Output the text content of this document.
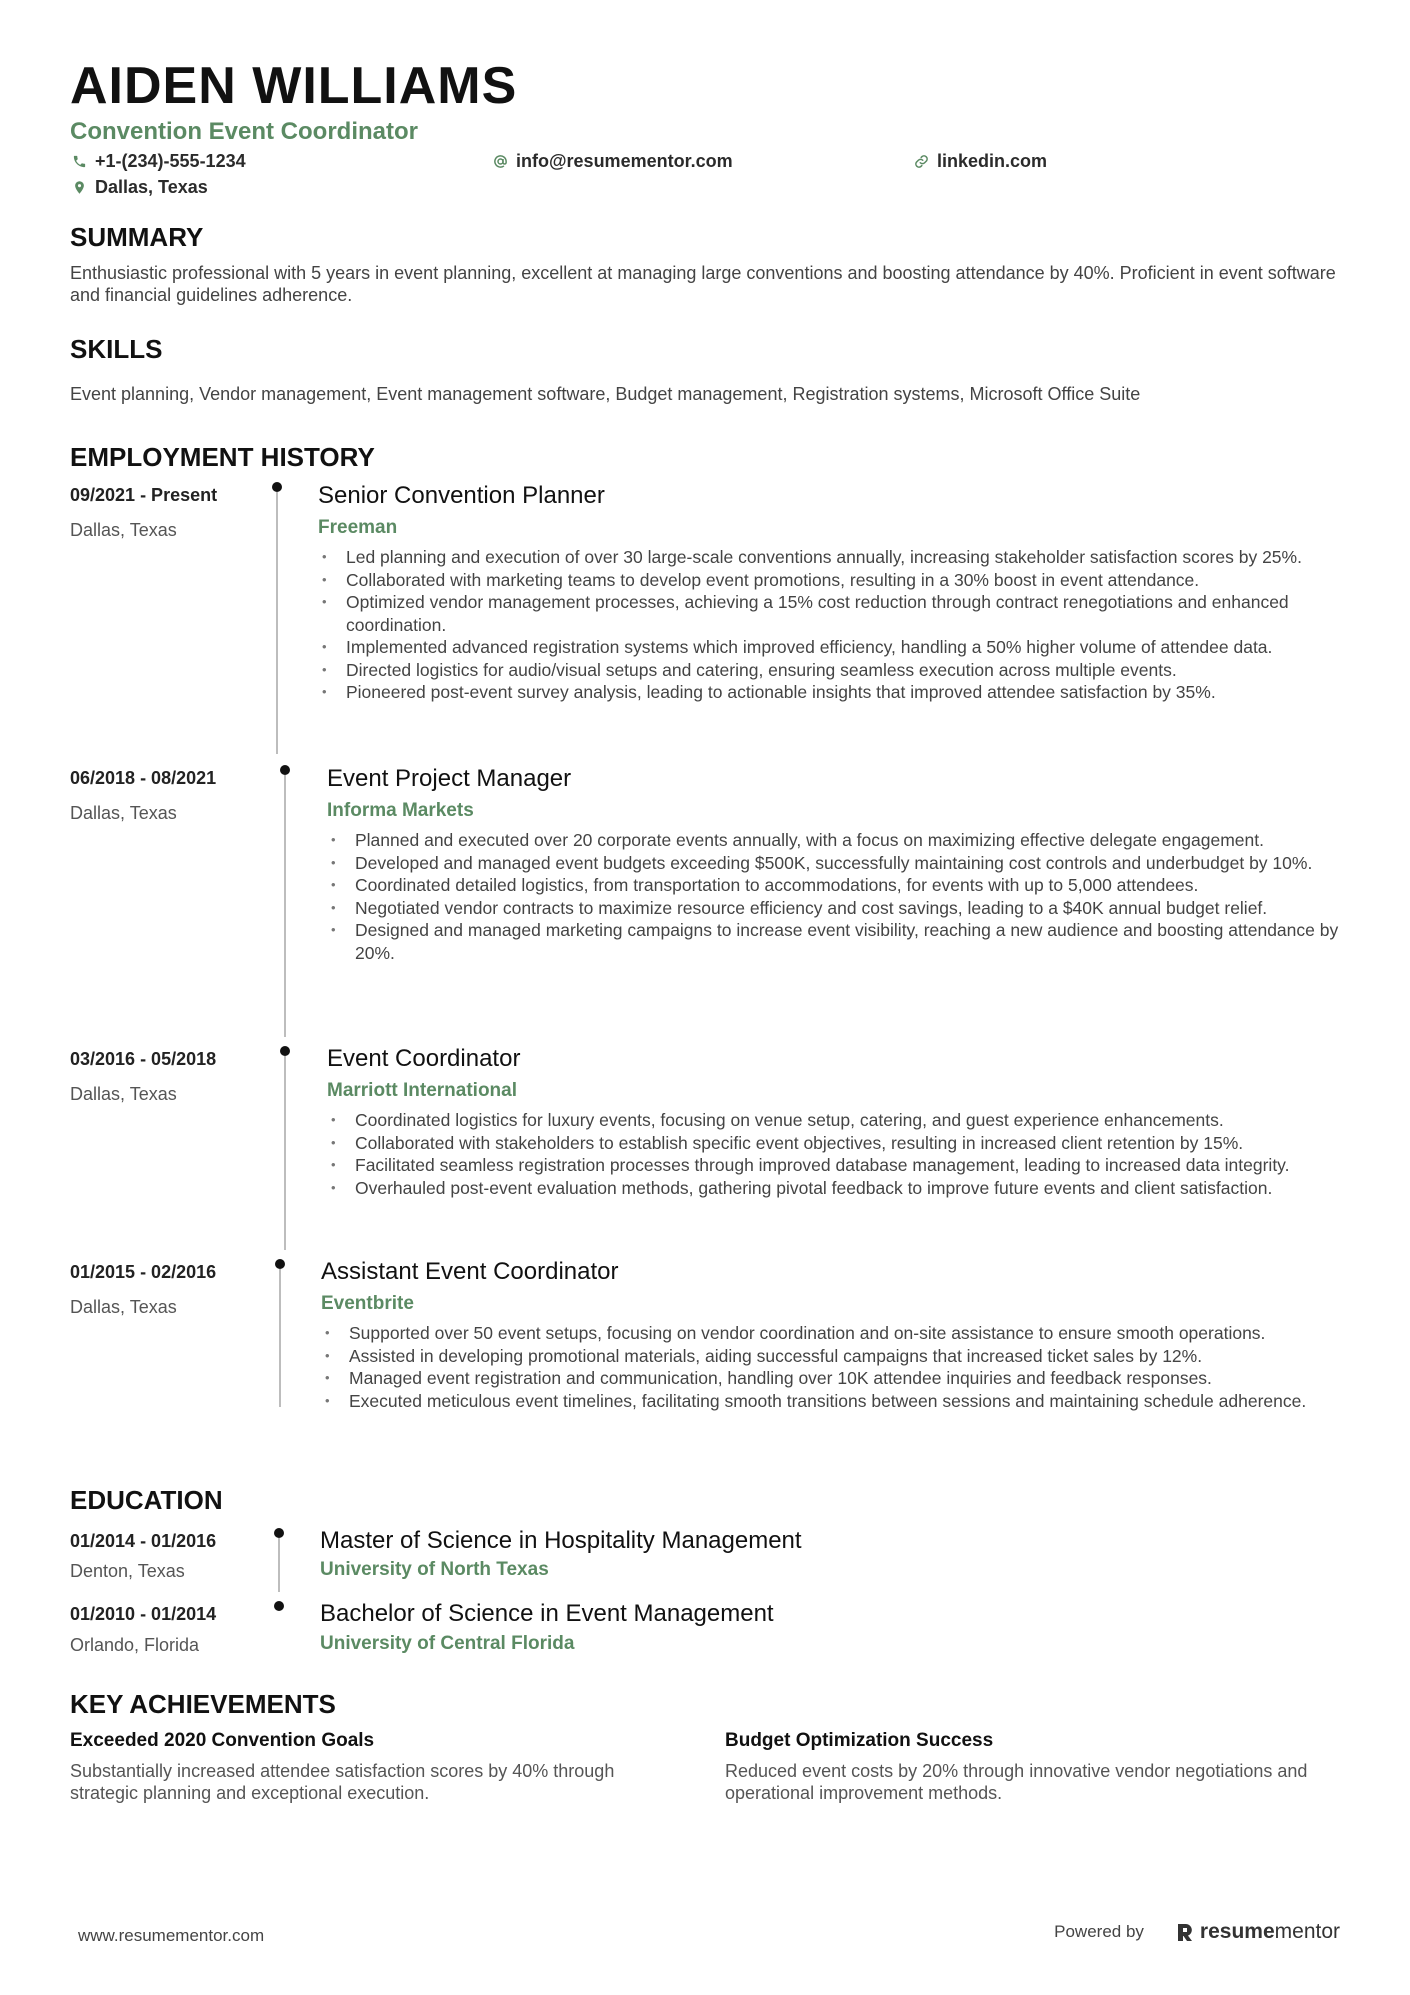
AIDEN WILLIAMS
Convention Event Coordinator
+1-(234)-555-1234	info@resumementor.com	linkedin.com
Dallas, Texas
SUMMARY
Enthusiastic professional with 5 years in event planning, excellent at managing large conventions and boosting attendance by 40%. Proficient in event software and financial guidelines adherence.
SKILLS
Event planning, Vendor management, Event management software, Budget management, Registration systems, Microsoft Office Suite
EMPLOYMENT HISTORY
09/2021 - Present
Dallas, Texas
Senior Convention Planner
Freeman
• Led planning and execution of over 30 large-scale conventions annually, increasing stakeholder satisfaction scores by 25%.
• Collaborated with marketing teams to develop event promotions, resulting in a 30% boost in event attendance.
• Optimized vendor management processes, achieving a 15% cost reduction through contract renegotiations and enhanced coordination.
• Implemented advanced registration systems which improved efficiency, handling a 50% higher volume of attendee data.
• Directed logistics for audio/visual setups and catering, ensuring seamless execution across multiple events.
• Pioneered post-event survey analysis, leading to actionable insights that improved attendee satisfaction by 35%.
06/2018 - 08/2021
Dallas, Texas
Event Project Manager
Informa Markets
• Planned and executed over 20 corporate events annually, with a focus on maximizing effective delegate engagement.
• Developed and managed event budgets exceeding $500K, successfully maintaining cost controls and underbudget by 10%.
• Coordinated detailed logistics, from transportation to accommodations, for events with up to 5,000 attendees.
• Negotiated vendor contracts to maximize resource efficiency and cost savings, leading to a $40K annual budget relief.
• Designed and managed marketing campaigns to increase event visibility, reaching a new audience and boosting attendance by 20%.
03/2016 - 05/2018
Dallas, Texas
Event Coordinator
Marriott International
• Coordinated logistics for luxury events, focusing on venue setup, catering, and guest experience enhancements.
• Collaborated with stakeholders to establish specific event objectives, resulting in increased client retention by 15%.
• Facilitated seamless registration processes through improved database management, leading to increased data integrity.
• Overhauled post-event evaluation methods, gathering pivotal feedback to improve future events and client satisfaction.
01/2015 - 02/2016
Dallas, Texas
Assistant Event Coordinator
Eventbrite
• Supported over 50 event setups, focusing on vendor coordination and on-site assistance to ensure smooth operations.
• Assisted in developing promotional materials, aiding successful campaigns that increased ticket sales by 12%.
• Managed event registration and communication, handling over 10K attendee inquiries and feedback responses.
• Executed meticulous event timelines, facilitating smooth transitions between sessions and maintaining schedule adherence.
EDUCATION
01/2014 - 01/2016
Denton, Texas
Master of Science in Hospitality Management
University of North Texas
01/2010 - 01/2014
Orlando, Florida
Bachelor of Science in Event Management
University of Central Florida
KEY ACHIEVEMENTS
Exceeded 2020 Convention Goals
Substantially increased attendee satisfaction scores by 40% through strategic planning and exceptional execution.
Budget Optimization Success
Reduced event costs by 20% through innovative vendor negotiations and operational improvement methods.
www.resumementor.com	Powered by	resume mentor
